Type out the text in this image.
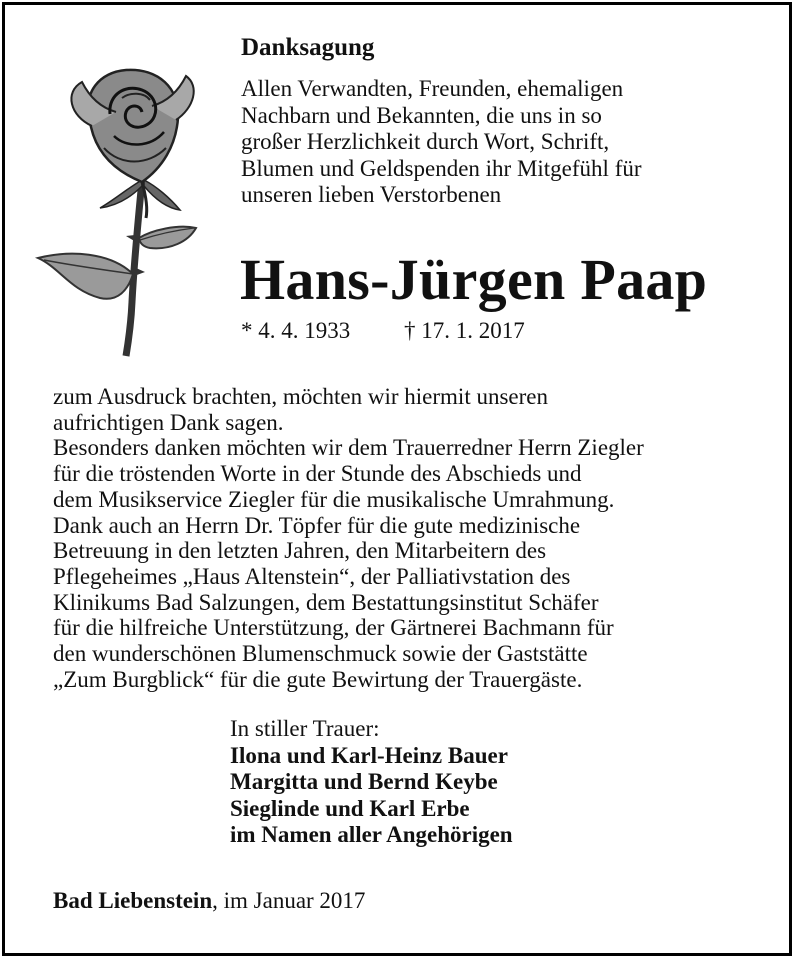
Danksagung
Allen Verwandten, Freunden, ehemaligen
Nachbarn und Bekannten, die uns in so
großer Herzlichkeit durch Wort, Schrift,
Blumen und Geldspenden ihr Mitgefühl für
unseren lieben Verstorbenen
Hans-Jürgen Paap
* 4. 4. 1933 † 17. 1. 2017
zum Ausdruck brachten, möchten wir hiermit unseren
aufrichtigen Dank sagen.
Besonders danken möchten wir dem Trauerredner Herrn Ziegler
für die tröstenden Worte in der Stunde des Abschieds und
dem Musikservice Ziegler für die musikalische Umrahmung.
Dank auch an Herrn Dr. Töpfer für die gute medizinische
Betreuung in den letzten Jahren, den Mitarbeitern des
Pflegeheimes „Haus Altenstein“, der Palliativstation des
Klinikums Bad Salzungen, dem Bestattungsinstitut Schäfer
für die hilfreiche Unterstützung, der Gärtnerei Bachmann für
den wunderschönen Blumenschmuck sowie der Gaststätte
„Zum Burgblick“ für die gute Bewirtung der Trauergäste.
In stiller Trauer:
Ilona und Karl-Heinz Bauer
Margitta und Bernd Keybe
Sieglinde und Karl Erbe
im Namen aller Angehörigen
Bad Liebenstein, im Januar 2017
